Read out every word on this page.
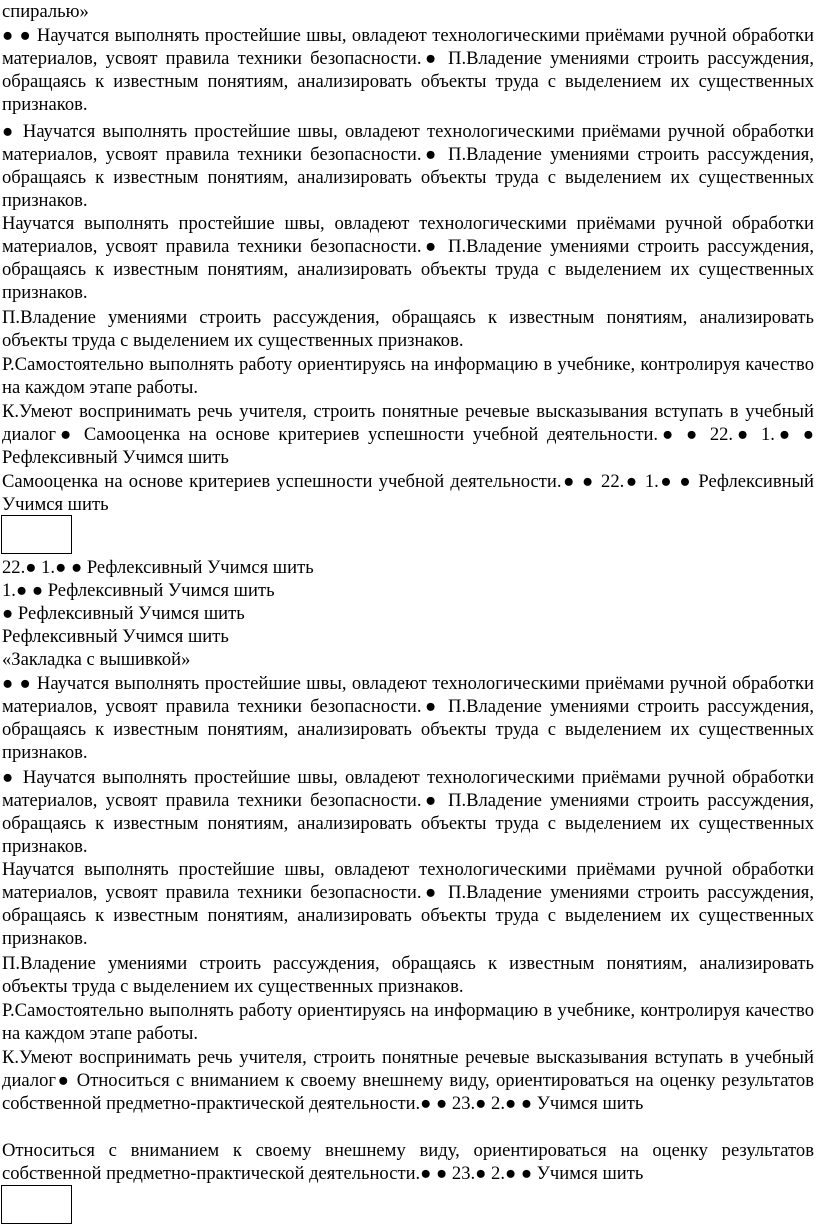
спиралью»
● ● Научатся выполнять простейшие швы, овладеют технологическими приёмами ручной обработки материалов, усвоят правила техники безопасности.● П.Владение умениями строить рассуждения, обращаясь к известным понятиям, анализировать объекты труда с выделением их существенных признаков.
● Научатся выполнять простейшие швы, овладеют технологическими приёмами ручной обработки материалов, усвоят правила техники безопасности.● П.Владение умениями строить рассуждения, обращаясь к известным понятиям, анализировать объекты труда с выделением их существенных признаков.
Научатся выполнять простейшие швы, овладеют технологическими приёмами ручной обработки материалов, усвоят правила техники безопасности.● П.Владение умениями строить рассуждения, обращаясь к известным понятиям, анализировать объекты труда с выделением их существенных признаков.
П.Владение умениями строить рассуждения, обращаясь к известным понятиям, анализировать объекты труда с выделением их существенных признаков.
Р.Самостоятельно выполнять работу ориентируясь на информацию в учебнике, контролируя качество на каждом этапе работы.
К.Умеют воспринимать речь учителя, строить понятные речевые высказывания вступать в учебный диалог● Самооценка на основе критериев успешности учебной деятельности.● ● 22.● 1.● ● Рефлексивный Учимся шить
Самооценка на основе критериев успешности учебной деятельности.● ● 22.● 1.● ● Рефлексивный Учимся шить
22.● 1.● ● Рефлексивный Учимся шить
1.● ● Рефлексивный Учимся шить
● Рефлексивный Учимся шить
Рефлексивный Учимся шить
«Закладка с вышивкой»
● ● Научатся выполнять простейшие швы, овладеют технологическими приёмами ручной обработки материалов, усвоят правила техники безопасности.● П.Владение умениями строить рассуждения, обращаясь к известным понятиям, анализировать объекты труда с выделением их существенных признаков.
● Научатся выполнять простейшие швы, овладеют технологическими приёмами ручной обработки материалов, усвоят правила техники безопасности.● П.Владение умениями строить рассуждения, обращаясь к известным понятиям, анализировать объекты труда с выделением их существенных признаков.
Научатся выполнять простейшие швы, овладеют технологическими приёмами ручной обработки материалов, усвоят правила техники безопасности.● П.Владение умениями строить рассуждения, обращаясь к известным понятиям, анализировать объекты труда с выделением их существенных признаков.
П.Владение умениями строить рассуждения, обращаясь к известным понятиям, анализировать объекты труда с выделением их существенных признаков.
Р.Самостоятельно выполнять работу ориентируясь на информацию в учебнике, контролируя качество на каждом этапе работы.
К.Умеют воспринимать речь учителя, строить понятные речевые высказывания вступать в учебный диалог● Относиться с вниманием к своему внешнему виду, ориентироваться на оценку результатов собственной предметно-практической деятельности.● ● 23.● 2.● ● Учимся шить
Относиться с вниманием к своему внешнему виду, ориентироваться на оценку результатов собственной предметно-практической деятельности.● ● 23.● 2.● ● Учимся шить
